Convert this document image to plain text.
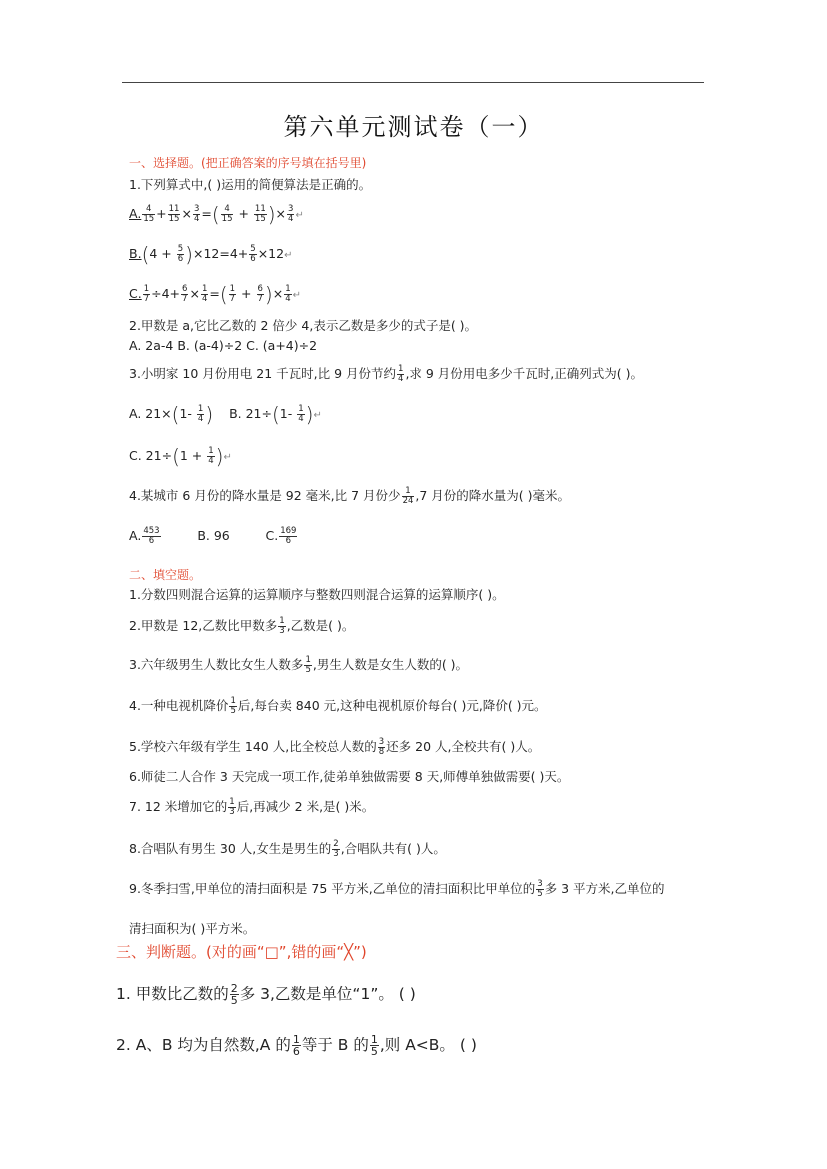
第六单元测试卷（一）
一、选择题。(把正确答案的序号填在括号里)
1.下列算式中,( )运用的简便算法是正确的。
A. $\frac{4}{15} + \frac{11}{15} \times \frac{3}{4}$ =( $\frac{4}{15} + \frac{11}{15}$ )× $\frac{3}{4}$ ↵
$B.(4 + \frac{5}{6} )\times 12=4+ \frac{5}{6}$ ×12↵
C. $\frac{1}{7} \div 4+ \frac{6}{7} \times \frac{1}{4}$ =( $\frac{1}{7} + \frac{6}{7}$ )× $\frac{1}{4}$ ↵
2.甲数是 a,它比乙数的 2 倍少 4,表示乙数是多少的式子是( )。
A. 2a-4 B. (a-4)÷2 C. (a+4)÷2
3.小明家 10 月份用电 21 千瓦时,比 9 月份节约 $\frac{1}{4}$ ,求 9 月份用电多少千瓦时,正确列式为( )。
A. $21\times(1- \frac{1}{4}$ ) B. $21\div(1- \frac{1}{4}$ )↵
C. $21\div(1 + \frac{1}{4}$ )↵
4.某城市 6 月份的降水量是 92 毫米,比 7 月份少 $\frac{1}{24} ,7$ 月份的降水量为( )毫米。
A. $\frac{453}{6}$	B. 96	C. $\frac{169}{6}$
二、填空题。
1.分数四则混合运算的运算顺序与整数四则混合运算的运算顺序( )。
2.甲数是 12,乙数比甲数多 $\frac{1}{3}$ ,乙数是( )。
3.六年级男生人数比女生人数多 $\frac{1}{5}$ ,男生人数是女生人数的( )。
4.一种电视机降价 $\frac{1}{5}$ 后,每台卖 840 元,这种电视机原价每台( )元,降价( )元。
5.学校六年级有学生 140 人,比全校总人数的 $\frac{3}{8}$ 还多 20 人,全校共有( )人。
6.师徒二人合作 3 天完成一项工作,徒弟单独做需要 8 天,师傅单独做需要( )天。
7. 12 米增加它的 $\frac{1}{3}$ 后,再减少 2 米,是( )米。
8.合唱队有男生 30 人,女生是男生的 $\frac{2}{3}$ ,合唱队共有( )人。
9.冬季扫雪,甲单位的清扫面积是 75 平方米,乙单位的清扫面积比甲单位的 $\frac{3}{5}$ 多 3 平方米,乙单位的
清扫面积为( )平方米。
三、判断题。(对的画“□”,错的画“╳”)
1. 甲数比乙数的 $\frac{2}{5}$ 多 3,乙数是单位“1”。 ( )
2. A、B 均为自然数,A 的 $\frac{1}{6}$ 等于 B 的 $\frac{1}{5}$ ,则 A<B。 ( )
